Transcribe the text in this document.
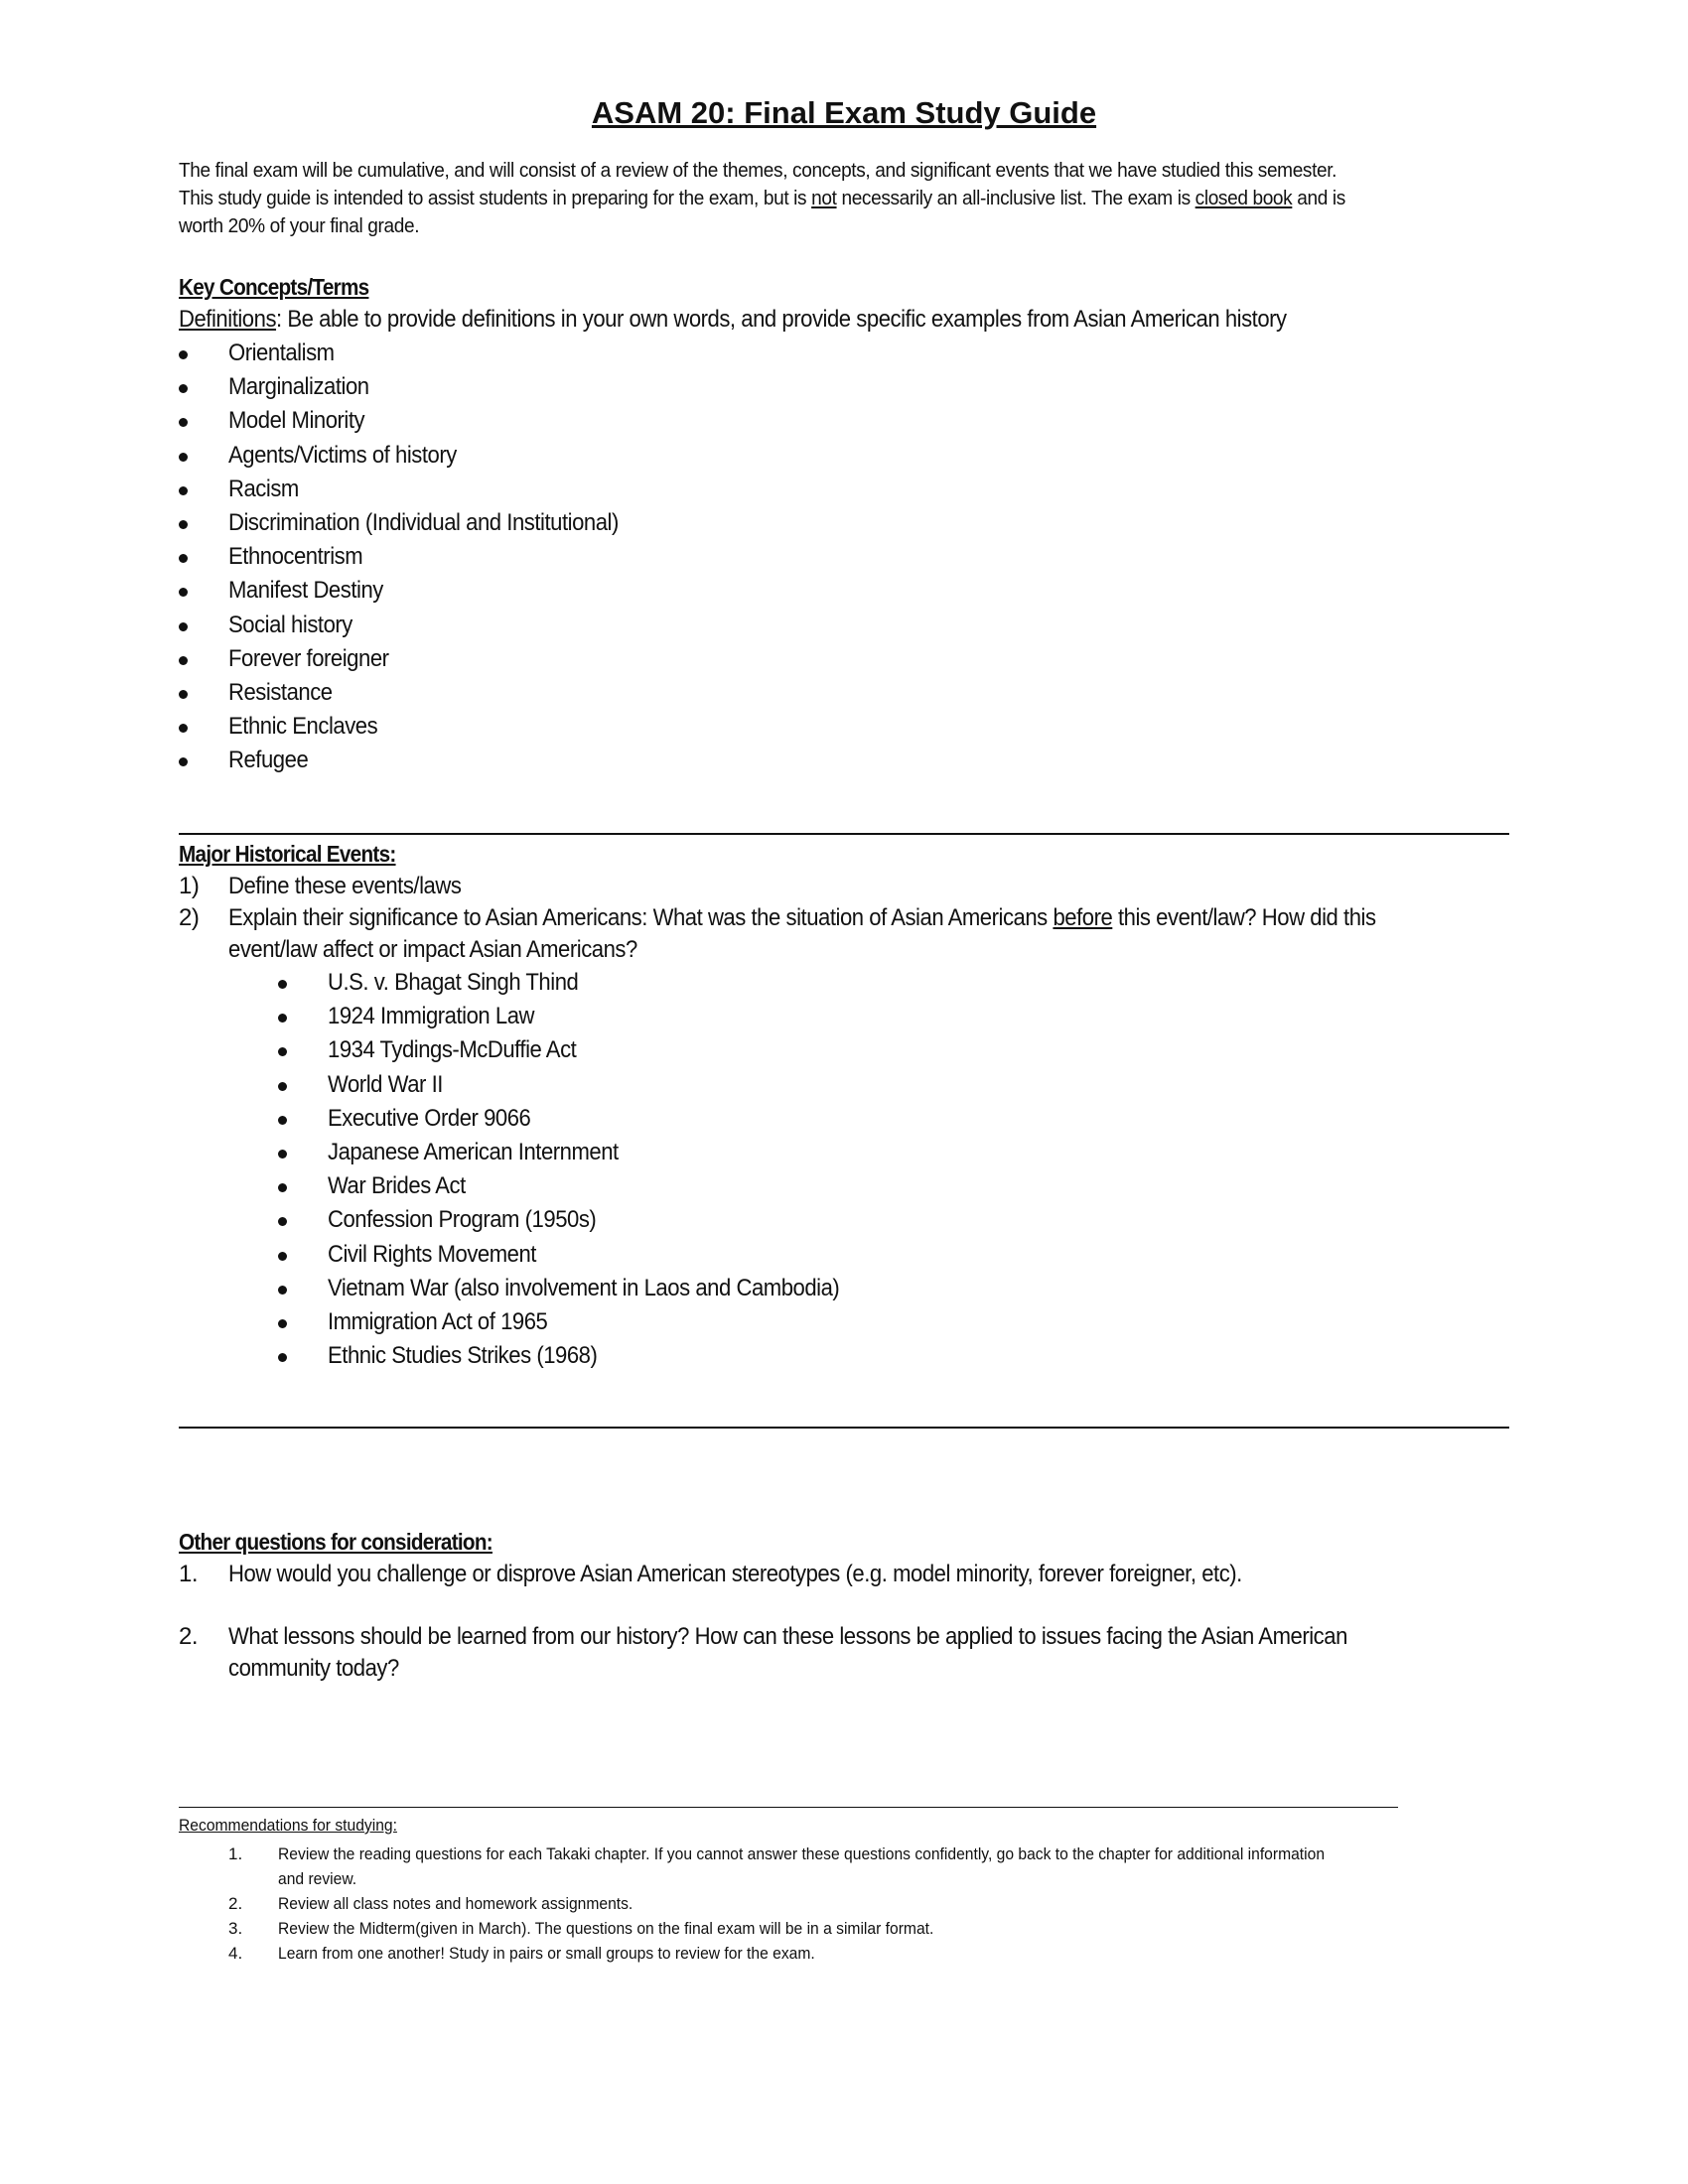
ASAM 20: Final Exam Study Guide
The final exam will be cumulative, and will consist of a review of the themes, concepts, and significant events that we have studied this semester.
This study guide is intended to assist students in preparing for the exam, but is not necessarily an all-inclusive list. The exam is closed book and is
worth 20% of your final grade.
Key Concepts/Terms
Definitions: Be able to provide definitions in your own words, and provide specific examples from Asian American history
Orientalism
Marginalization
Model Minority
Agents/Victims of history
Racism
Discrimination (Individual and Institutional)
Ethnocentrism
Manifest Destiny
Social history
Forever foreigner
Resistance
Ethnic Enclaves
Refugee
Major Historical Events:
1) Define these events/laws
2) Explain their significance to Asian Americans: What was the situation of Asian Americans before this event/law? How did this
event/law affect or impact Asian Americans?
U.S. v. Bhagat Singh Thind
1924 Immigration Law
1934 Tydings-McDuffie Act
World War II
Executive Order 9066
Japanese American Internment
War Brides Act
Confession Program (1950s)
Civil Rights Movement
Vietnam War (also involvement in Laos and Cambodia)
Immigration Act of 1965
Ethnic Studies Strikes (1968)
Other questions for consideration:
1. How would you challenge or disprove Asian American stereotypes (e.g. model minority, forever foreigner, etc).
2. What lessons should be learned from our history? How can these lessons be applied to issues facing the Asian American
community today?
Recommendations for studying:
1. Review the reading questions for each Takaki chapter. If you cannot answer these questions confidently, go back to the chapter for additional information
and review.
2. Review all class notes and homework assignments.
3. Review the Midterm(given in March). The questions on the final exam will be in a similar format.
4. Learn from one another! Study in pairs or small groups to review for the exam.
